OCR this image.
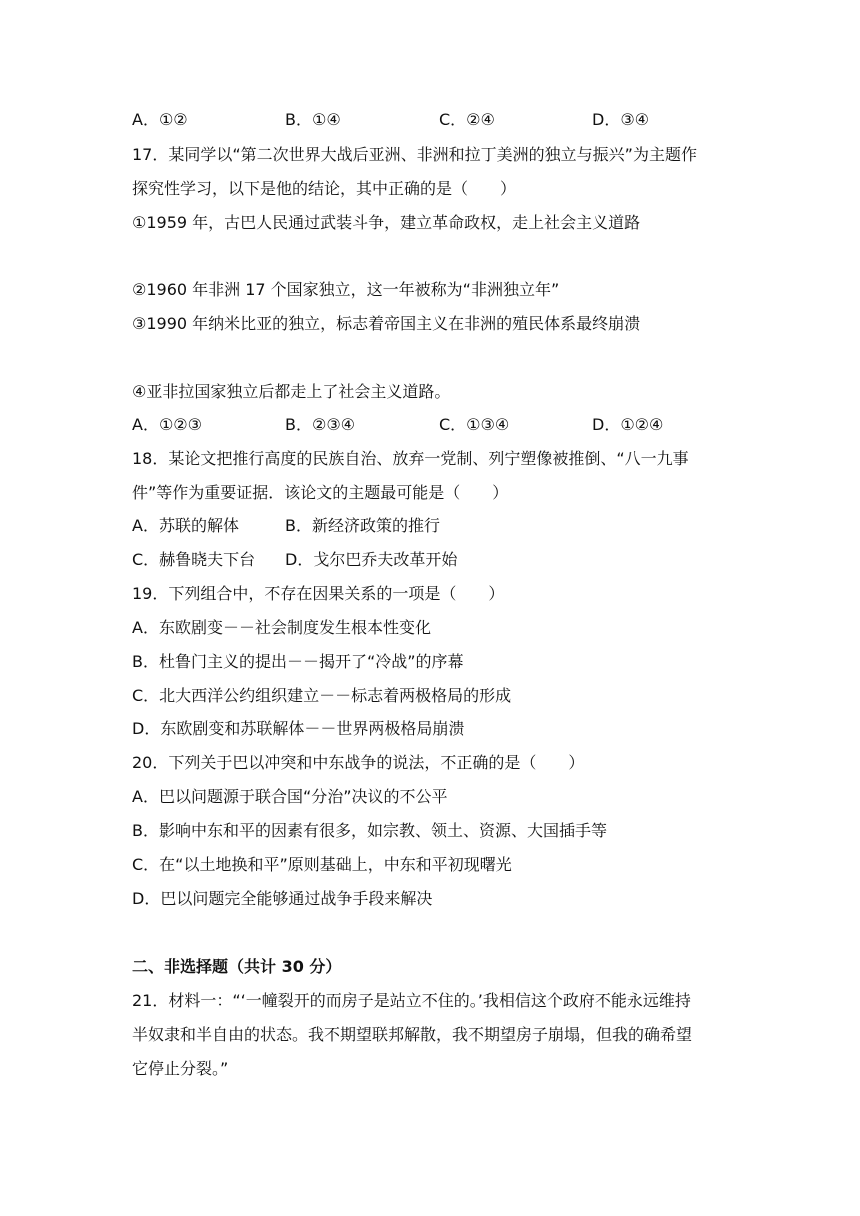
A．①②	B．①④	C．②④	D．③④
17．某同学以“第二次世界大战后亚洲、非洲和拉丁美洲的独立与振兴”为主题作
探究性学习，以下是他的结论，其中正确的是（　　）
①1959 年，古巴人民通过武装斗争，建立革命政权，走上社会主义道路
②1960 年非洲 17 个国家独立，这一年被称为“非洲独立年”
③1990 年纳米比亚的独立，标志着帝国主义在非洲的殖民体系最终崩溃
④亚非拉国家独立后都走上了社会主义道路。
A．①②③	B．②③④	C．①③④	D．①②④
18．某论文把推行高度的民族自治、放弃一党制、列宁塑像被推倒、“八一九事
件”等作为重要证据．该论文的主题最可能是（　　）
A．苏联的解体	B．新经济政策的推行
C．赫鲁晓夫下台 D．戈尔巴乔夫改革开始
19．下列组合中，不存在因果关系的一项是（　　）
A．东欧剧变－－社会制度发生根本性变化
B．杜鲁门主义的提出－－揭开了“冷战”的序幕
C．北大西洋公约组织建立－－标志着两极格局的形成
D．东欧剧变和苏联解体－－世界两极格局崩溃
20．下列关于巴以冲突和中东战争的说法，不正确的是（　　）
A．巴以问题源于联合国“分治”决议的不公平
B．影响中东和平的因素有很多，如宗教、领土、资源、大国插手等
C．在“以土地换和平”原则基础上，中东和平初现曙光
D．巴以问题完全能够通过战争手段来解决
二、非选择题（共计 30 分）
21．材料一：“‘一幢裂开的而房子是站立不住的。’我相信这个政府不能永远维持
半奴隶和半自由的状态。我不期望联邦解散，我不期望房子崩塌，但我的确希望
它停止分裂。”
